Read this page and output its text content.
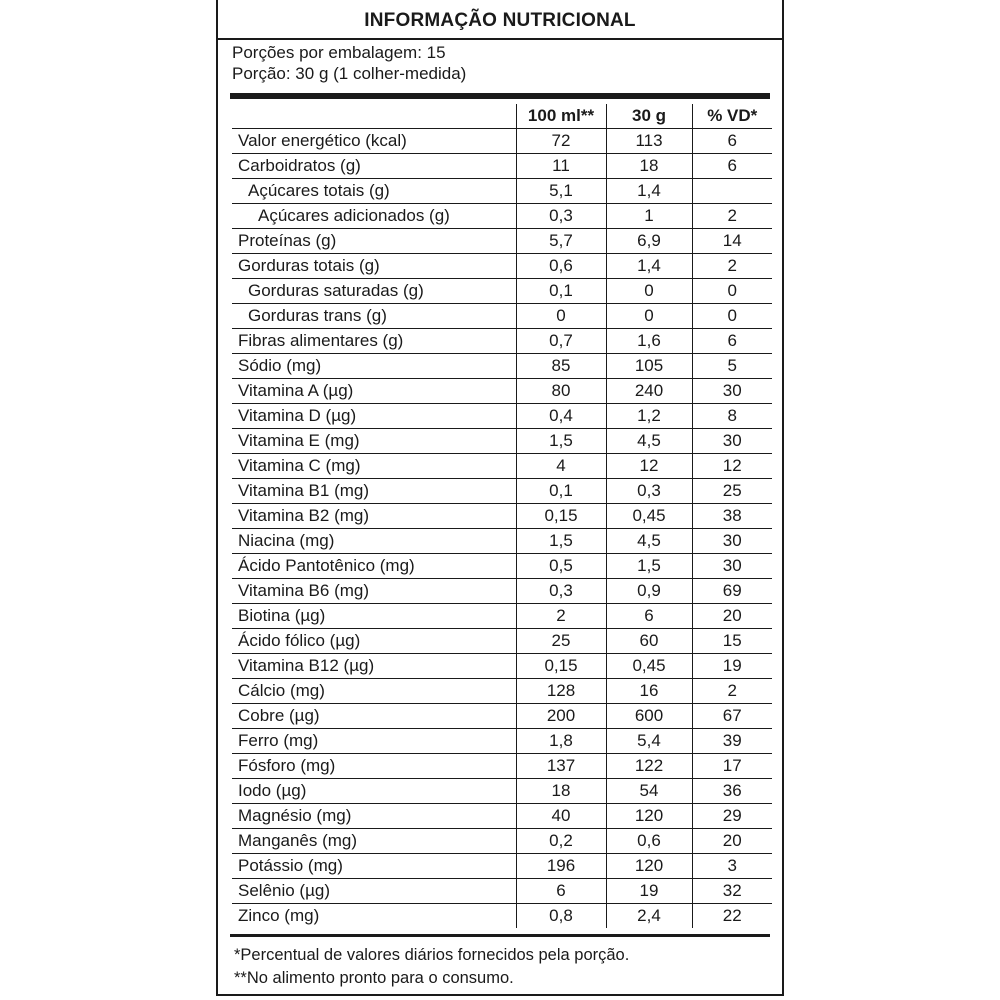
INFORMAÇÃO NUTRICIONAL
Porções por embalagem: 15
Porção: 30 g (1 colher-medida)
	100 ml**	30 g	% VD*
Valor energético (kcal)	72	113	6
Carboidratos (g)	11	18	6
Açúcares totais (g)	5,1	1,4	
Açúcares adicionados (g)	0,3	1	2
Proteínas (g)	5,7	6,9	14
Gorduras totais (g)	0,6	1,4	2
Gorduras saturadas (g)	0,1	0	0
Gorduras trans (g)	0	0	0
Fibras alimentares (g)	0,7	1,6	6
Sódio (mg)	85	105	5
Vitamina A (µg)	80	240	30
Vitamina D (µg)	0,4	1,2	8
Vitamina E (mg)	1,5	4,5	30
Vitamina C (mg)	4	12	12
Vitamina B1 (mg)	0,1	0,3	25
Vitamina B2 (mg)	0,15	0,45	38
Niacina (mg)	1,5	4,5	30
Ácido Pantotênico (mg)	0,5	1,5	30
Vitamina B6 (mg)	0,3	0,9	69
Biotina (µg)	2	6	20
Ácido fólico (µg)	25	60	15
Vitamina B12 (µg)	0,15	0,45	19
Cálcio (mg)	128	16	2
Cobre (µg)	200	600	67
Ferro (mg)	1,8	5,4	39
Fósforo (mg)	137	122	17
Iodo (µg)	18	54	36
Magnésio (mg)	40	120	29
Manganês (mg)	0,2	0,6	20
Potássio (mg)	196	120	3
Selênio (µg)	6	19	32
Zinco (mg)	0,8	2,4	22
*Percentual de valores diários fornecidos pela porção.
**No alimento pronto para o consumo.
